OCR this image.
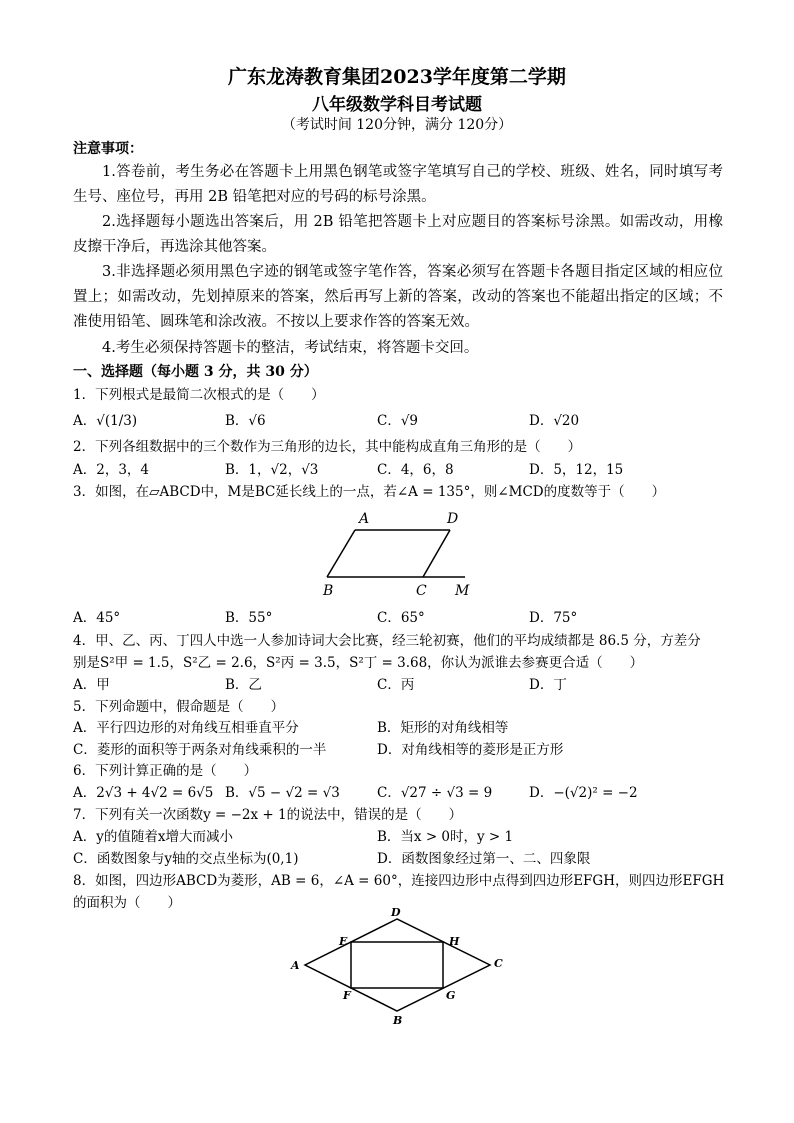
广东龙涛教育集团2023学年度第二学期
八年级数学科目考试题
（考试时间 120分钟，满分 120分）
注意事项：
1.答卷前，考生务必在答题卡上用黑色钢笔或签字笔填写自己的学校、班级、姓名，同时填写考生号、座位号，再用 2B 铅笔把对应的号码的标号涂黑。
2.选择题每小题选出答案后，用 2B 铅笔把答题卡上对应题目的答案标号涂黑。如需改动，用橡皮擦干净后，再选涂其他答案。
3.非选择题必须用黑色字迹的钢笔或签字笔作答，答案必须写在答题卡各题目指定区域的相应位置上；如需改动，先划掉原来的答案，然后再写上新的答案，改动的答案也不能超出指定的区域；不准使用铅笔、圆珠笔和涂改液。不按以上要求作答的答案无效。
4.考生必须保持答题卡的整洁，考试结束，将答题卡交回。
一、选择题（每小题 3 分，共 30 分）
1．下列根式是最简二次根式的是（　　）
A．√(1/3)	B．√6	C．√9	D．√20
2．下列各组数据中的三个数作为三角形的边长，其中能构成直角三角形的是（　　）
A．2，3，4	B．1，√2，√3	C．4，6，8	D．5，12，15
3．如图，在▱ABCD中，M是BC延长线上的一点，若∠A = 135°，则∠MCD的度数等于（　　）
A	D
B	C M
A．45°	B．55°	C．65°	D．75°
4．甲、乙、丙、丁四人中选一人参加诗词大会比赛，经三轮初赛，他们的平均成绩都是 86.5 分，方差分
别是S²甲 = 1.5，S²乙 = 2.6，S²丙 = 3.5，S²丁 = 3.68，你认为派谁去参赛更合适（　　）
A．甲	B．乙	C．丙	D．丁
5．下列命题中，假命题是（　　）
A．平行四边形的对角线互相垂直平分	B．矩形的对角线相等
C．菱形的面积等于两条对角线乘积的一半	D．对角线相等的菱形是正方形
6．下列计算正确的是（　　）
A．2√3 + 4√2 = 6√5 B．√5 − √2 = √3	C．√27 ÷ √3 = 9	D．−(√2)² = −2
7．下列有关一次函数y = −2x + 1的说法中，错误的是（　　）
A．y的值随着x增大而减小	B．当x > 0时，y > 1
C．函数图象与y轴的交点坐标为(0,1)	D．函数图象经过第一、二、四象限
8．如图，四边形ABCD为菱形，AB = 6，∠A = 60°，连接四边形中点得到四边形EFGH，则四边形EFGH
的面积为（　　）
D
E	H
A	C
F	G
B
